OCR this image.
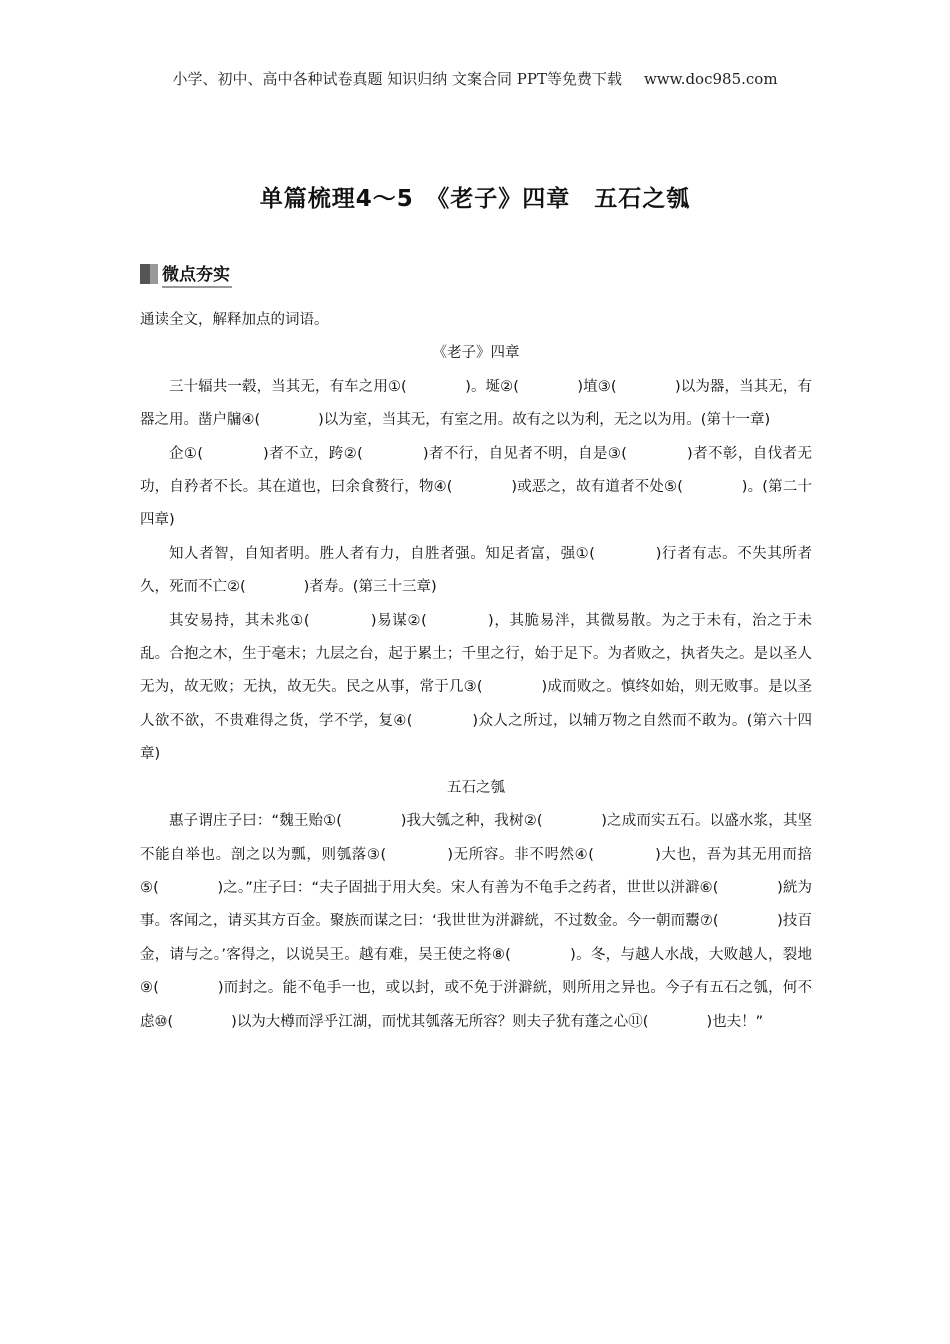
小学、初中、高中各种试卷真题 知识归纳 文案合同 PPT等免费下载 www.doc985.com
单篇梳理4～5　《老子》四章　五石之瓠
微点夯实

通读全文，解释加点的词语。

《老子》四章

三十辐共一毂，当其无，有车之用①(　　　　)。埏②(　　　　)埴③(　　　　)以为器，当其无，有器之用。凿户牖④(　　　　)以为室，当其无，有室之用。故有之以为利，无之以为用。(第十一章)

企①(　　　　)者不立，跨②(　　　　)者不行，自见者不明，自是③(　　　　)者不彰，自伐者无功，自矜者不长。其在道也，曰余食赘行，物④(　　　　)或恶之，故有道者不处⑤(　　　　)。(第二十四章)

知人者智，自知者明。胜人者有力，自胜者强。知足者富，强①(　　　　)行者有志。不失其所者久，死而不亡②(　　　　)者寿。(第三十三章)

其安易持，其未兆①(　　　　)易谋②(　　　　)，其脆易泮，其微易散。为之于未有，治之于未乱。合抱之木，生于毫末；九层之台，起于累土；千里之行，始于足下。为者败之，执者失之。是以圣人无为，故无败；无执，故无失。民之从事，常于几③(　　　　)成而败之。慎终如始，则无败事。是以圣人欲不欲，不贵难得之货，学不学，复④(　　　　)众人之所过，以辅万物之自然而不敢为。(第六十四章)

五石之瓠

惠子谓庄子曰：“魏王贻①(　　　　)我大瓠之种，我树②(　　　　)之成而实五石。以盛水浆，其坚不能自举也。剖之以为瓢，则瓠落③(　　　　)无所容。非不呺然④(　　　　)大也，吾为其无用而掊⑤(　　　　)之。”庄子曰：“夫子固拙于用大矣。宋人有善为不龟手之药者，世世以洴澼⑥(　　　　)絖为事。客闻之，请买其方百金。聚族而谋之曰：‘我世世为洴澼絖，不过数金。今一朝而鬻⑦(　　　　)技百金，请与之。’客得之，以说吴王。越有难，吴王使之将⑧(　　　　)。冬，与越人水战，大败越人，裂地⑨(　　　　)而封之。能不龟手一也，或以封，或不免于洴澼絖，则所用之异也。今子有五石之瓠，何不虑⑩(　　　　)以为大樽而浮乎江湖，而忧其瓠落无所容？则夫子犹有蓬之心⑪(　　　　)也夫！”
